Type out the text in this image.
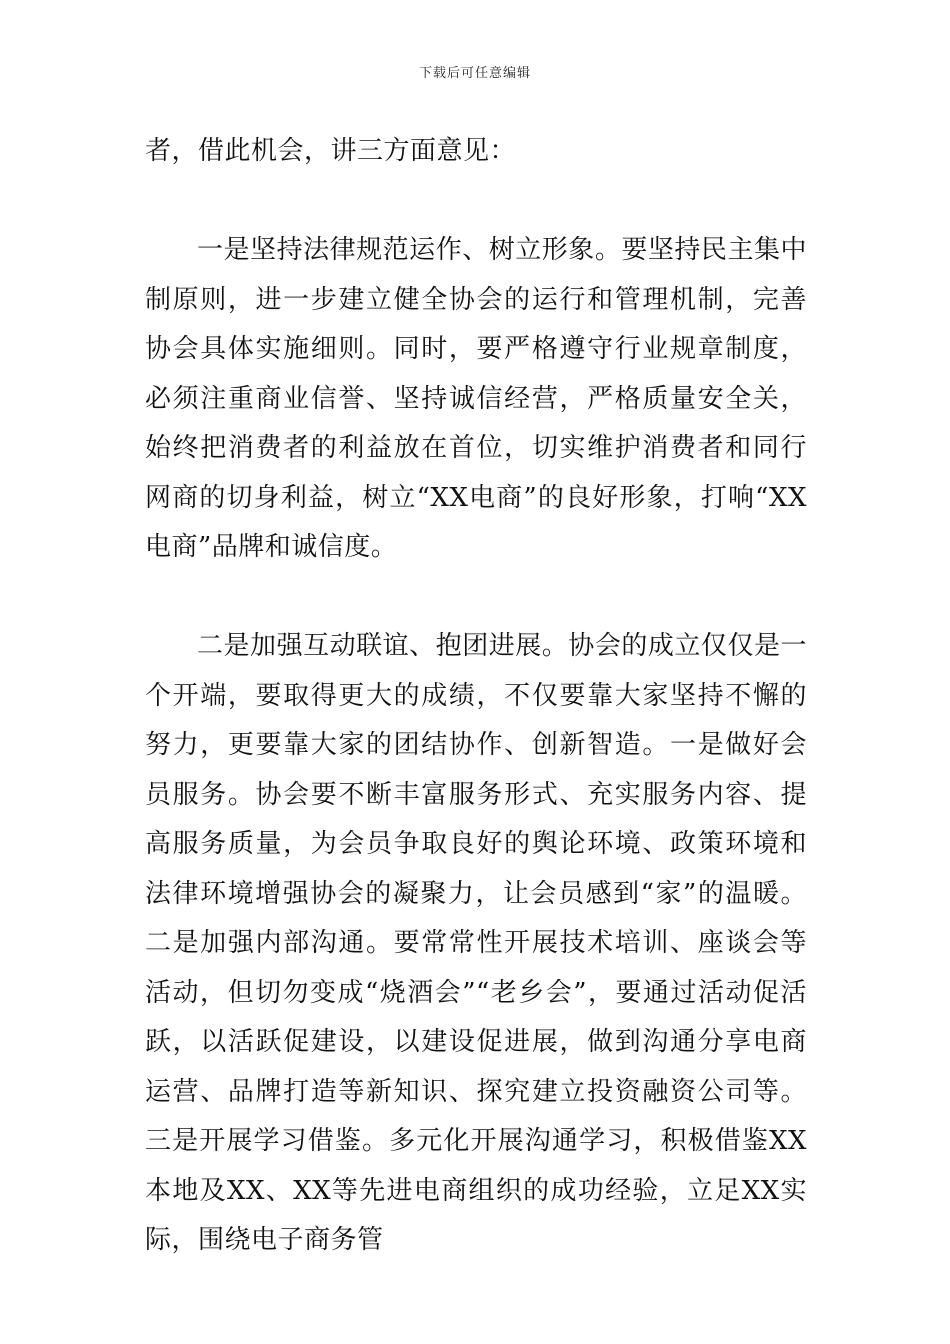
下载后可任意编辑

者，借此机会，讲三方面意见：

一是坚持法律规范运作、树立形象。要坚持民主集中制原则，进一步建立健全协会的运行和管理机制，完善协会具体实施细则。同时，要严格遵守行业规章制度，必须注重商业信誉、坚持诚信经营，严格质量安全关，始终把消费者的利益放在首位，切实维护消费者和同行网商的切身利益，树立“XX电商”的良好形象，打响“XX电商”品牌和诚信度。

二是加强互动联谊、抱团进展。协会的成立仅仅是一个开端，要取得更大的成绩，不仅要靠大家坚持不懈的努力，更要靠大家的团结协作、创新智造。一是做好会员服务。协会要不断丰富服务形式、充实服务内容、提高服务质量，为会员争取良好的舆论环境、政策环境和法律环境增强协会的凝聚力，让会员感到“家”的温暖。二是加强内部沟通。要常常性开展技术培训、座谈会等活动，但切勿变成“烧酒会”“老乡会”，要通过活动促活跃，以活跃促建设，以建设促进展，做到沟通分享电商运营、品牌打造等新知识、探究建立投资融资公司等。三是开展学习借鉴。多元化开展沟通学习，积极借鉴XX本地及XX、XX等先进电商组织的成功经验，立足XX实际，围绕电子商务管
